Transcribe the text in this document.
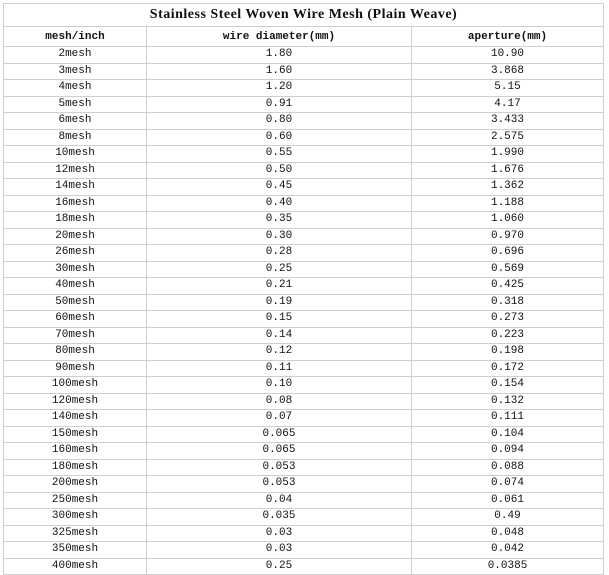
Stainless Steel Woven Wire Mesh (Plain Weave)		
mesh/inch	wire diameter(mm)	aperture(mm)
2mesh	1.80	10.90
3mesh	1.60	3.868
4mesh	1.20	5.15
5mesh	0.91	4.17
6mesh	0.80	3.433
8mesh	0.60	2.575
10mesh	0.55	1.990
12mesh	0.50	1.676
14mesh	0.45	1.362
16mesh	0.40	1.188
18mesh	0.35	1.060
20mesh	0.30	0.970
26mesh	0.28	0.696
30mesh	0.25	0.569
40mesh	0.21	0.425
50mesh	0.19	0.318
60mesh	0.15	0.273
70mesh	0.14	0.223
80mesh	0.12	0.198
90mesh	0.11	0.172
100mesh	0.10	0.154
120mesh	0.08	0.132
140mesh	0.07	0.111
150mesh	0.065	0.104
160mesh	0.065	0.094
180mesh	0.053	0.088
200mesh	0.053	0.074
250mesh	0.04	0.061
300mesh	0.035	0.49
325mesh	0.03	0.048
350mesh	0.03	0.042
400mesh	0.25	0.0385
